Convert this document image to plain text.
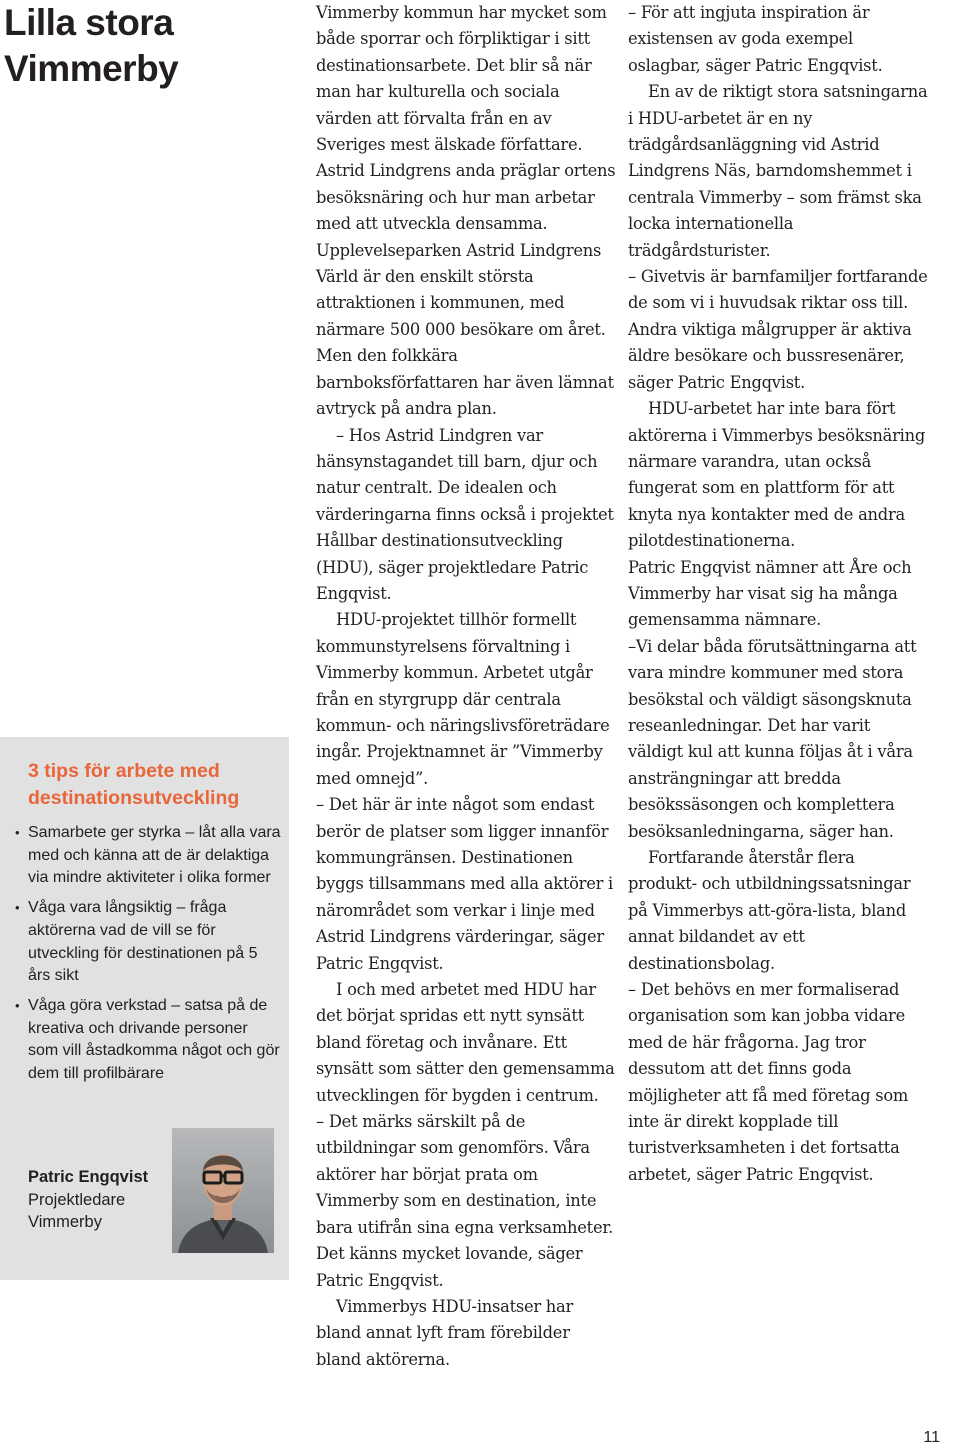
Lilla stora Vimmerby
3 tips för arbete med destinationsutveckling
• Samarbete ger styrka – låt alla vara med och känna att de är delaktiga via mindre aktiviteter i olika former
• Våga vara långsiktig – fråga aktörerna vad de vill se för utveckling för destinationen på 5 års sikt
• Våga göra verkstad – satsa på de kreativa och drivande personer som vill åstadkomma något och gör dem till profilbärare
Patric Engqvist
Projektledare
Vimmerby

Vimmerby kommun har mycket som både sporrar och förpliktigar i sitt destinationsarbete. Det blir så när man har kulturella och sociala värden att förvalta från en av Sveriges mest älskade författare. Astrid Lindgrens anda präglar ortens besöksnäring och hur man arbetar med att utveckla densamma. Upplevelseparken Astrid Lindgrens Värld är den enskilt största attraktionen i kommunen, med närmare 500 000 besökare om året. Men den folkkära barnboksförfattaren har även lämnat avtryck på andra plan.

– Hos Astrid Lindgren var hänsynstagandet till barn, djur och natur centralt. De idealen och värderingarna finns också i projektet Hållbar destinationsutveckling (HDU), säger projektledare Patric Engqvist.

HDU-projektet tillhör formellt kommunstyrelsens förvaltning i Vimmerby kommun. Arbetet utgår från en styrgrupp där centrala kommun- och näringslivsföreträdare ingår. Projektnamnet är ”Vimmerby med omnejd”.

– Det här är inte något som endast berör de platser som ligger innanför kommungränsen. Destinationen byggs tillsammans med alla aktörer i närområdet som verkar i linje med Astrid Lindgrens värderingar, säger Patric Engqvist.

I och med arbetet med HDU har det börjat spridas ett nytt synsätt bland företag och invånare. Ett synsätt som sätter den gemensamma utvecklingen för bygden i centrum.

– Det märks särskilt på de utbildningar som genomförs. Våra aktörer har börjat prata om Vimmerby som en destination, inte bara utifrån sina egna verksamheter. Det känns mycket lovande, säger Patric Engqvist.

Vimmerbys HDU-insatser har bland annat lyft fram förebilder bland aktörerna.

– För att ingjuta inspiration är existensen av goda exempel oslagbar, säger Patric Engqvist.

En av de riktigt stora satsningarna i HDU-arbetet är en ny trädgårdsanläggning vid Astrid Lindgrens Näs, barndomshemmet i centrala Vimmerby – som främst ska locka internationella trädgårdsturister.

– Givetvis är barnfamiljer fortfarande de som vi i huvudsak riktar oss till. Andra viktiga målgrupper är aktiva äldre besökare och bussresenärer, säger Patric Engqvist.

HDU-arbetet har inte bara fört aktörerna i Vimmerbys besöksnäring närmare varandra, utan också fungerat som en plattform för att knyta nya kontakter med de andra pilotdestinationerna.

Patric Engqvist nämner att Åre och Vimmerby har visat sig ha många gemensamma nämnare.

–Vi delar båda förutsättningarna att vara mindre kommuner med stora besökstal och väldigt säsongsknuta reseanledningar. Det har varit väldigt kul att kunna följas åt i våra ansträngningar att bredda besökssäsongen och komplettera besöksanledningarna, säger han.

Fortfarande återstår flera produkt- och utbildningssatsningar på Vimmerbys att-göra-lista, bland annat bildandet av ett destinationsbolag.

– Det behövs en mer formaliserad organisation som kan jobba vidare med de här frågorna. Jag tror dessutom att det finns goda möjligheter att få med företag som inte är direkt kopplade till turistverksamheten i det fortsatta arbetet, säger Patric Engqvist.

11
